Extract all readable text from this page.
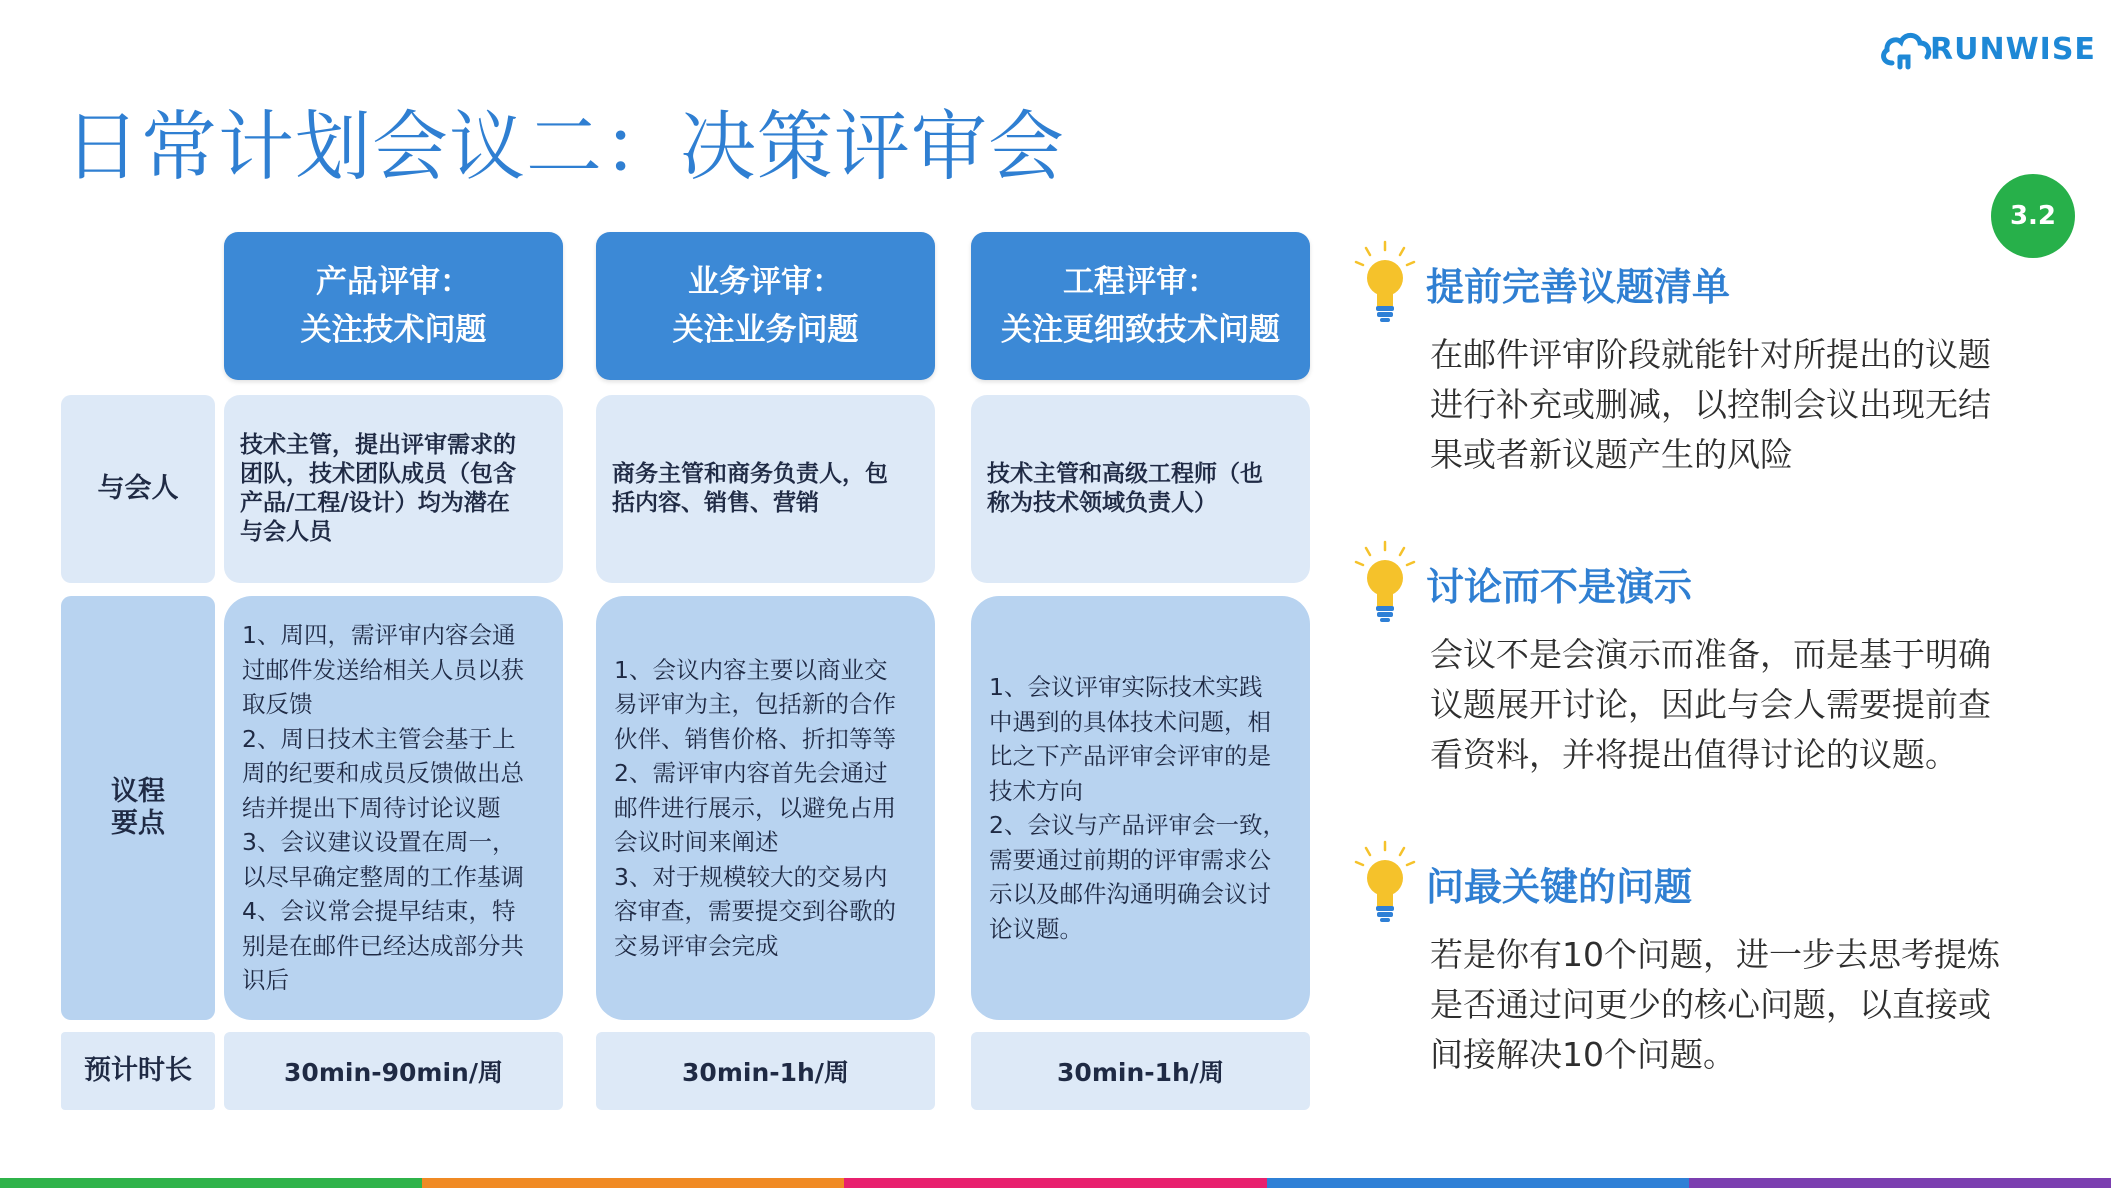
RUNWISE
日常计划会议二：决策评审会
3.2
产品评审：
关注技术问题
业务评审：
关注业务问题
工程评审：
关注更细致技术问题
与会人
议程
要点
预计时长
技术主管，提出评审需求的
团队，技术团队成员（包含
产品/工程/设计）均为潜在
与会人员
商务主管和商务负责人，包
括内容、销售、营销
技术主管和高级工程师（也
称为技术领域负责人）
1、周四，需评审内容会通
过邮件发送给相关人员以获
取反馈
2、周日技术主管会基于上
周的纪要和成员反馈做出总
结并提出下周待讨论议题
3、会议建议设置在周一，
以尽早确定整周的工作基调
4、会议常会提早结束，特
别是在邮件已经达成部分共
识后
1、会议内容主要以商业交
易评审为主，包括新的合作
伙伴、销售价格、折扣等等
2、需评审内容首先会通过
邮件进行展示，以避免占用
会议时间来阐述
3、对于规模较大的交易内
容审查，需要提交到谷歌的
交易评审会完成
1、会议评审实际技术实践
中遇到的具体技术问题，相
比之下产品评审会评审的是
技术方向
2、会议与产品评审会一致，
需要通过前期的评审需求公
示以及邮件沟通明确会议讨
论议题。
30min-90min/周	30min-1h/周	30min-1h/周
提前完善议题清单
在邮件评审阶段就能针对所提出的议题
进行补充或删减，以控制会议出现无结
果或者新议题产生的风险
讨论而不是演示
会议不是会演示而准备，而是基于明确
议题展开讨论，因此与会人需要提前查
看资料，并将提出值得讨论的议题。
问最关键的问题
若是你有10个问题，进一步去思考提炼
是否通过问更少的核心问题，以直接或
间接解决10个问题。
